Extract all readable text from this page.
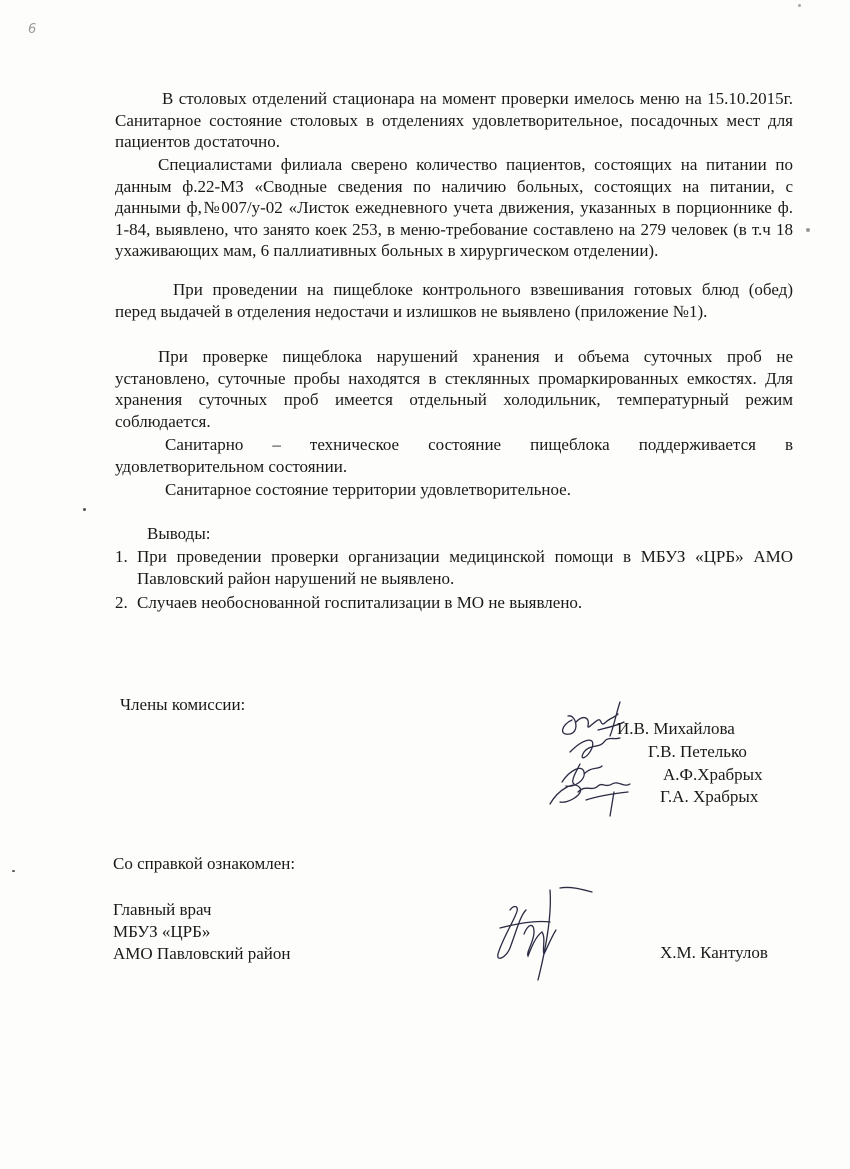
6
В столовых отделений стационара на момент проверки имелось меню на 15.10.2015г. Санитарное состояние столовых в отделениях удовлетворительное, посадочных мест для пациентов достаточно.
Специалистами филиала сверено количество пациентов, состоящих на питании по данным ф.22-МЗ «Сводные сведения по наличию больных, состоящих на питании, с данными ф,№007/у-02 «Листок ежедневного учета движения, указанных в порционнике ф. 1-84, выявлено, что занято коек 253, в меню-требование составлено на 279 человек (в т.ч 18 ухаживающих мам, 6 паллиативных больных в хирургическом отделении).
При проведении на пищеблоке контрольного взвешивания готовых блюд (обед) перед выдачей в отделения недостачи и излишков не выявлено (приложение №1).
При проверке пищеблока нарушений хранения и объема суточных проб не установлено, суточные пробы находятся в стеклянных промаркированных емкостях. Для хранения суточных проб имеется отдельный холодильник, температурный режим соблюдается.
Санитарно – техническое состояние пищеблока поддерживается в удовлетворительном состоянии.
Санитарное состояние территории удовлетворительное.
Выводы:
1. При проведении проверки организации медицинской помощи в МБУЗ «ЦРБ» АМО Павловский район нарушений не выявлено.
2. Случаев необоснованной госпитализации в МО не выявлено.
Члены комиссии:
И.В. Михайлова
Г.В. Петелько
А.Ф.Храбрых
Г.А. Храбрых
Со справкой ознакомлен:
Главный врач
МБУЗ «ЦРБ»
АМО Павловский район	Х.М. Кантулов
